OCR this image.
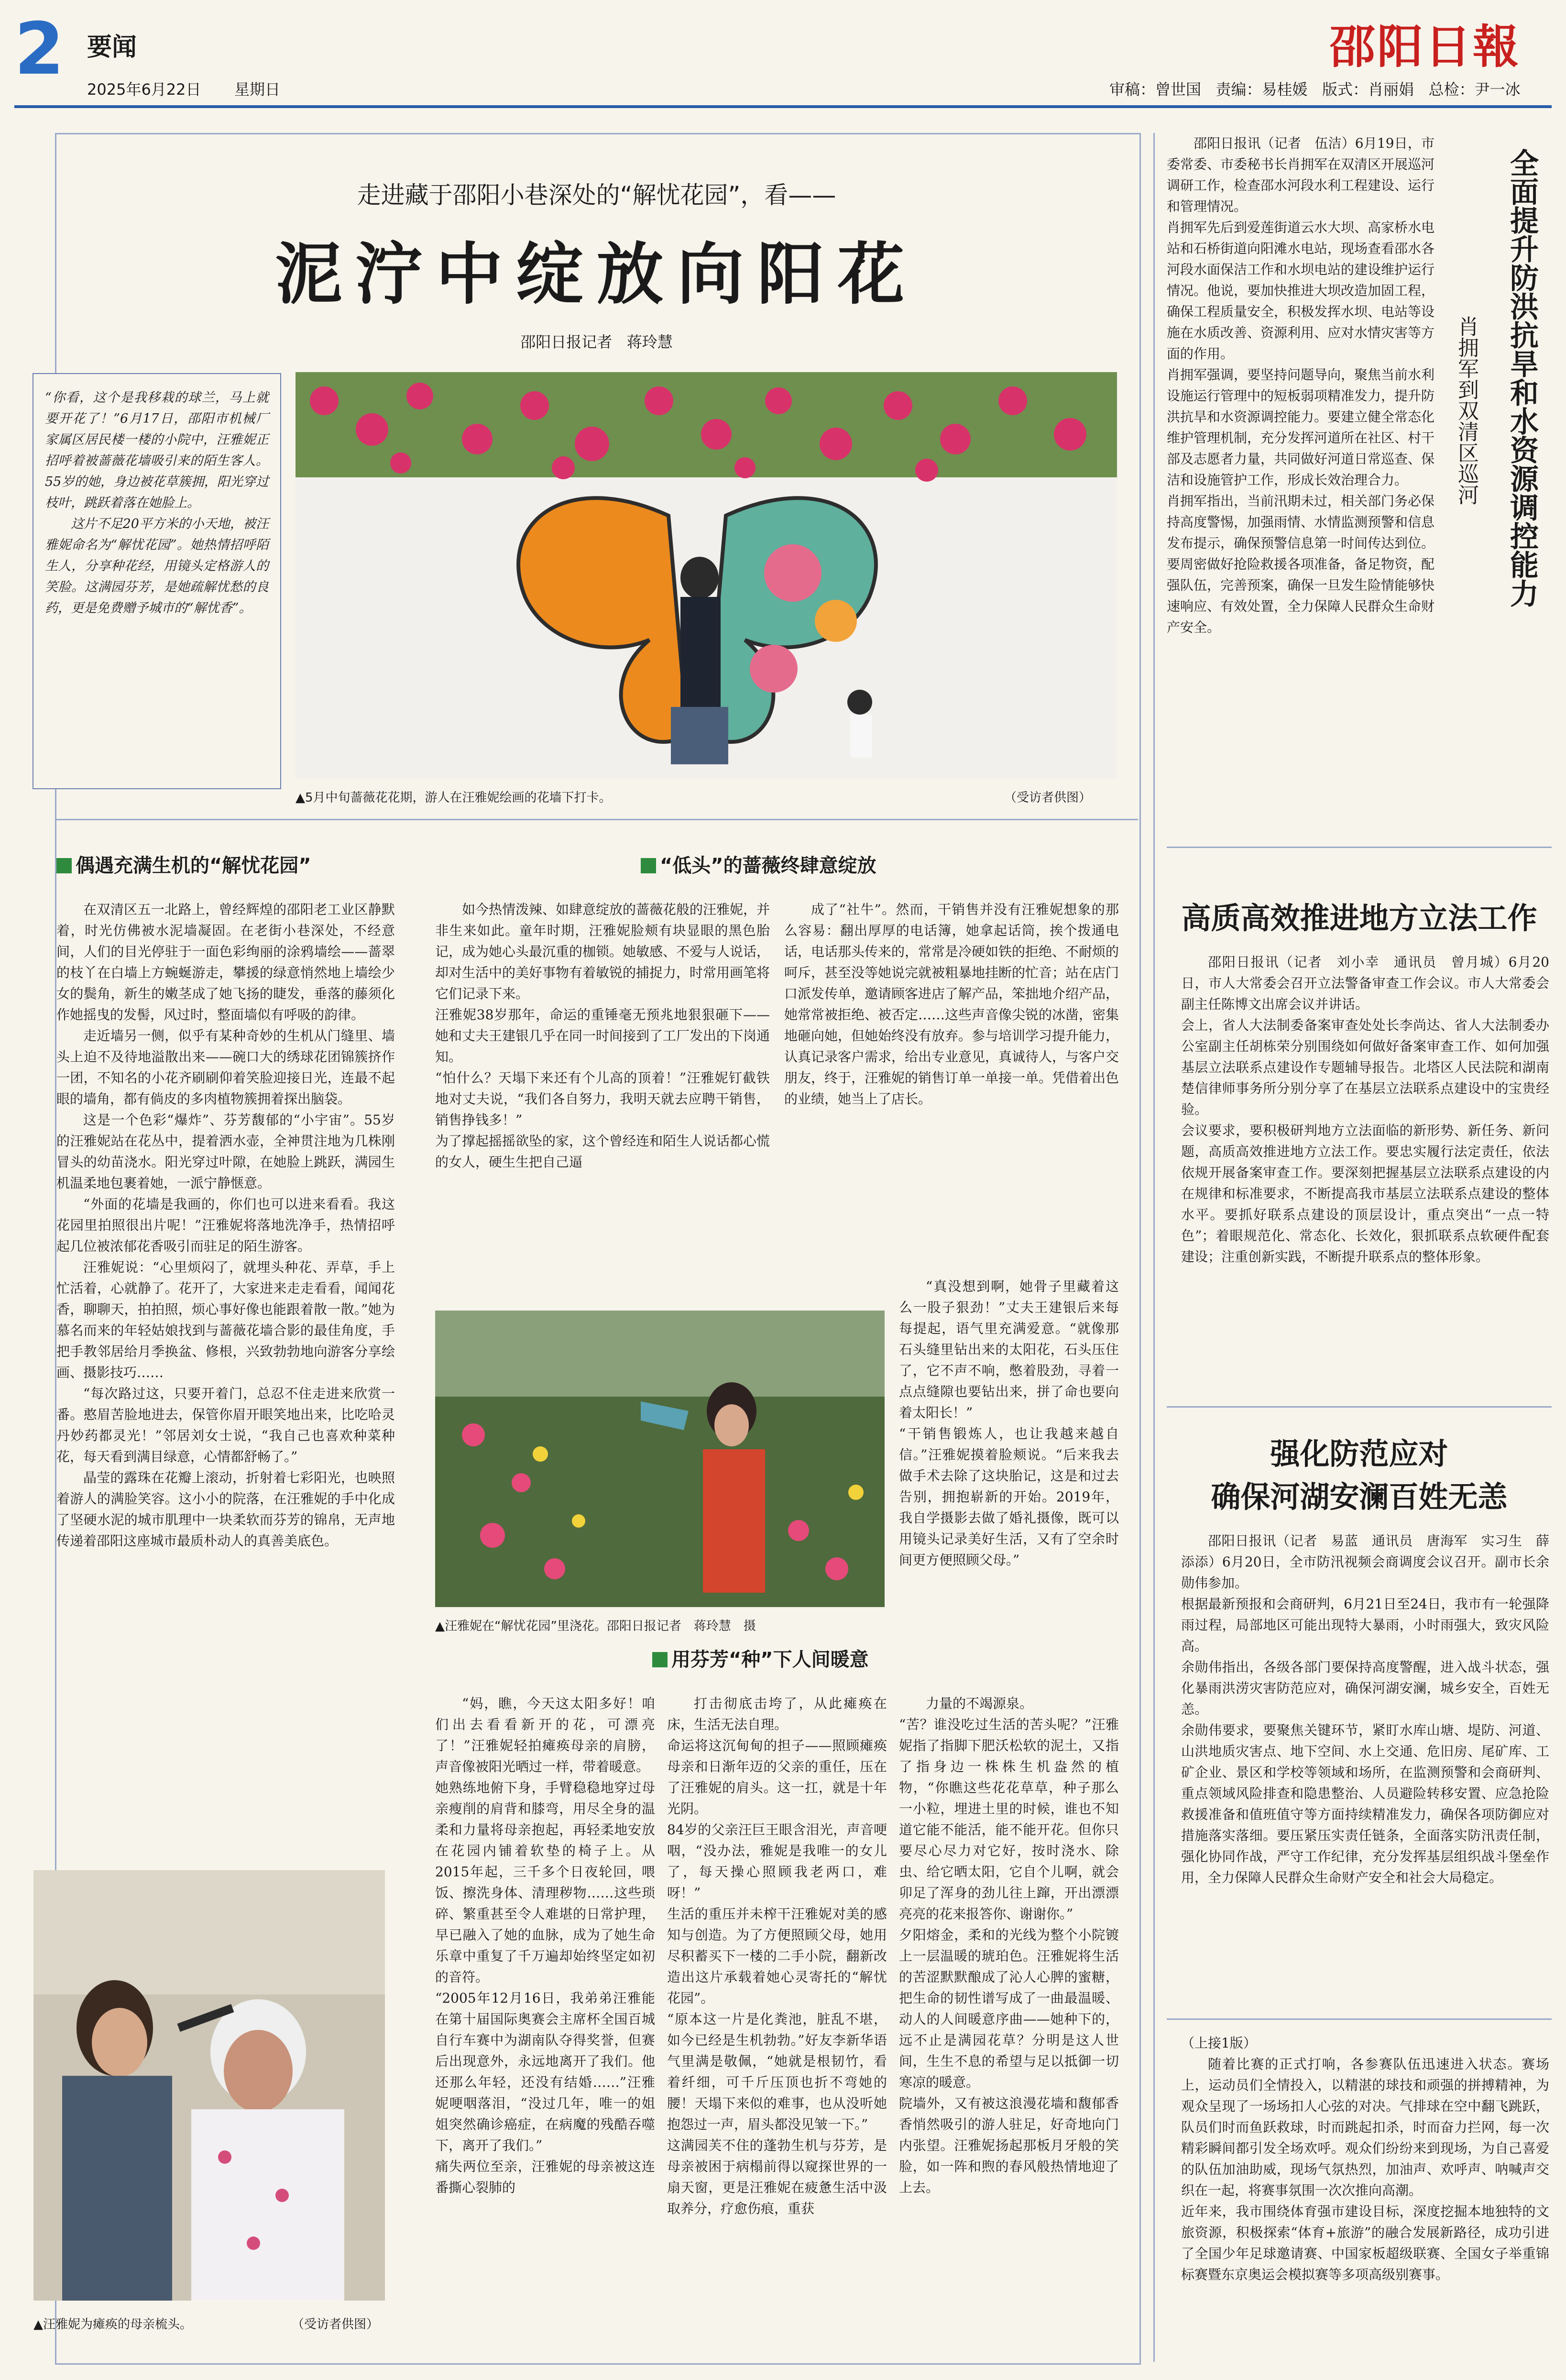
2 要闻	邵阳日報
2025年6月22日 星期日	审稿：曾世国   责编：易桂媛   版式：肖丽娟   总检：尹一冰
走进藏于邵阳小巷深处的“解忧花园”，看——
泥泞中绽放向阳花
邵阳日报记者   蒋玲慧
“你看，这个是我移栽的球兰，马上就要开花了！”6月17日，邵阳市机械厂家属区居民楼一楼的小院中，汪雅妮正招呼着被蔷薇花墙吸引来的陌生客人。55岁的她，身边被花草簇拥，阳光穿过枝叶，跳跃着落在她脸上。
　　这片不足20平方米的小天地，被汪雅妮命名为“解忧花园”。她热情招呼陌生人，分享种花经，用镜头定格游人的笑脸。这满园芬芳，是她疏解忧愁的良药，更是免费赠予城市的“解忧香”。
▲5月中旬蔷薇花花期，游人在汪雅妮绘画的花墙下打卡。	（受访者供图）
偶遇充满生机的“解忧花园”

在双清区五一北路上，曾经辉煌的邵阳老工业区静默着，时光仿佛被水泥墙凝固。在老街小巷深处，不经意间，人们的目光停驻于一面色彩绚丽的涂鸦墙绘——蔷翠的枝丫在白墙上方蜿蜒游走，攀援的绿意悄然地上墙绘少女的鬓角，新生的嫩茎成了她飞扬的睫发，垂落的藤须化作她摇曳的发髻，风过时，整面墙似有呼吸的韵律。

走近墙另一侧，似乎有某种奇妙的生机从门缝里、墙头上迫不及待地溢散出来——碗口大的绣球花团锦簇挤作一团，不知名的小花齐刷刷仰着笑脸迎接日光，连最不起眼的墙角，都有倘皮的多肉植物簇拥着探出脑袋。

这是一个色彩“爆炸”、芬芳馥郁的“小宇宙”。55岁的汪雅妮站在花丛中，提着洒水壶，全神贯注地为几株刚冒头的幼苗浇水。阳光穿过叶隙，在她脸上跳跃，满园生机温柔地包裹着她，一派宁静惬意。

“外面的花墙是我画的，你们也可以进来看看。我这花园里拍照很出片呢！”汪雅妮将落地洗净手，热情招呼起几位被浓郁花香吸引而驻足的陌生游客。

汪雅妮说：“心里烦闷了，就埋头种花、弄草，手上忙活着，心就静了。花开了，大家进来走走看看，闻闻花香，聊聊天，拍拍照，烦心事好像也能跟着散一散。”她为慕名而来的年轻姑娘找到与蔷薇花墙合影的最佳角度，手把手教邻居给月季换盆、修根，兴致勃勃地向游客分享绘画、摄影技巧……

“每次路过这，只要开着门，总忍不住走进来欣赏一番。憨眉苦脸地进去，保管你眉开眼笑地出来，比吃哈灵丹妙药都灵光！”邻居刘女士说，“我自己也喜欢种菜种花，每天看到满目绿意，心情都舒畅了。”

晶莹的露珠在花瓣上滚动，折射着七彩阳光，也映照着游人的满脸笑容。这小小的院落，在汪雅妮的手中化成了坚硬水泥的城市肌理中一块柔软而芬芳的锦帛，无声地传递着邵阳这座城市最质朴动人的真善美底色。

▲汪雅妮为瘫痪的母亲梳头。	（受访者供图）
“低头”的蔷薇终肆意绽放
如今热情泼辣、如肆意绽放的蔷薇花般的汪雅妮，并非生来如此。童年时期，汪雅妮脸颊有块显眼的黑色胎记，成为她心头最沉重的枷锁。她敏感、不爱与人说话，却对生活中的美好事物有着敏锐的捕捉力，时常用画笔将它们记录下来。
汪雅妮38岁那年，命运的重锤毫无预兆地狠狠砸下——她和丈夫王建银几乎在同一时间接到了工厂发出的下岗通知。
“怕什么？天塌下来还有个儿高的顶着！”汪雅妮钉截铁地对丈夫说，“我们各自努力，我明天就去应聘干销售，销售挣钱多！”
为了撑起摇摇欲坠的家，这个曾经连和陌生人说话都心慌的女人，硬生生把自己逼
成了“社牛”。然而，干销售并没有汪雅妮想象的那么容易：翻出厚厚的电话簿，她拿起话筒，挨个拨通电话，电话那头传来的，常常是冷硬如铁的拒绝、不耐烦的呵斥，甚至没等她说完就被粗暴地挂断的忙音；站在店门口派发传单，邀请顾客进店了解产品，笨拙地介绍产品，她常常被拒绝、被否定……这些声音像尖锐的冰凿，密集地砸向她，但她始终没有放弃。参与培训学习提升能力，认真记录客户需求，给出专业意见，真诚待人，与客户交朋友，终于，汪雅妮的销售订单一单接一单。凭借着出色的业绩，她当上了店长。
“真没想到啊，她骨子里藏着这么一股子狠劲！”丈夫王建银后来每每提起，语气里充满爱意。“就像那石头缝里钻出来的太阳花，石头压住了，它不声不响，憋着股劲，寻着一点点缝隙也要钻出来，拼了命也要向着太阳长！”
“干销售锻炼人，也让我越来越自信。”汪雅妮摸着脸颊说。“后来我去做手术去除了这块胎记，这是和过去告别，拥抱崭新的开始。2019年，我自学摄影去做了婚礼摄像，既可以用镜头记录美好生活，又有了空余时间更方便照顾父母。”
▲汪雅妮在“解忧花园”里浇花。邵阳日报记者　蒋玲慧　摄
用芬芳“种”下人间暖意
“妈，瞧，今天这太阳多好！咱们出去看看新开的花，可漂亮了！”汪雅妮轻拍瘫痪母亲的肩膀，声音像被阳光晒过一样，带着暖意。
她熟练地俯下身，手臂稳稳地穿过母亲瘦削的肩背和膝弯，用尽全身的温柔和力量将母亲抱起，再轻柔地安放在花园内铺着软垫的椅子上。从2015年起，三千多个日夜轮回，喂饭、擦洗身体、清理秽物……这些琐碎、繁重甚至令人难堪的日常护理，早已融入了她的血脉，成为了她生命乐章中重复了千万遍却始终坚定如初的音符。
“2005年12月16日，我弟弟汪雅能在第十届国际奥赛会主席杯全国百城自行车赛中为湖南队夺得奖誉，但赛后出现意外，永远地离开了我们。他还那么年轻，还没有结婚……”汪雅妮哽咽落泪，“没过几年，唯一的姐姐突然确诊癌症，在病魔的残酷吞噬下，离开了我们。”
痛失两位至亲，汪雅妮的母亲被这连番撕心裂肺的
打击彻底击垮了，从此瘫痪在床，生活无法自理。
命运将这沉甸甸的担子——照顾瘫痪母亲和日渐年迈的父亲的重任，压在了汪雅妮的肩头。这一扛，就是十年光阴。
84岁的父亲汪巨王眼含泪光，声音哽咽，“没办法，雅妮是我唯一的女儿了，每天操心照顾我老两口，难呀！”
生活的重压并未榨干汪雅妮对美的感知与创造。为了方便照顾父母，她用尽积蓄买下一楼的二手小院，翻新改造出这片承载着她心灵寄托的“解忧花园”。
“原本这一片是化粪池，脏乱不堪，如今已经是生机勃勃。”好友李新华语气里满是敬佩，“她就是根韧竹，看着纤细，可千斤压顶也折不弯她的腰！天塌下来似的难事，也从没听她抱怨过一声，眉头都没见皱一下。”
这满园芙不住的蓬勃生机与芬芳，是母亲被困于病榻前得以窥探世界的一扇天窗，更是汪雅妮在疲惫生活中汲取养分，疗愈伤痕，重获
力量的不竭源泉。
“苦？谁没吃过生活的苦头呢？”汪雅妮指了指脚下肥沃松软的泥土，又指了指身边一株株生机盎然的植物，“你瞧这些花花草草，种子那么一小粒，埋进土里的时候，谁也不知道它能不能活，能不能开花。但你只要尽心尽力对它好，按时浇水、除虫、给它晒太阳，它自个儿啊，就会卯足了浑身的劲儿往上蹿，开出漂漂亮亮的花来报答你、谢谢你。”
夕阳熔金，柔和的光线为整个小院镀上一层温暖的琥珀色。汪雅妮将生活的苦涩默默酿成了沁人心脾的蜜糖，把生命的韧性谱写成了一曲最温暖、动人的人间暖意序曲——她种下的，远不止是满园花草？分明是这人世间，生生不息的希望与足以抵御一切寒凉的暖意。
院墙外，又有被这浪漫花墙和馥郁香香悄然吸引的游人驻足，好奇地向门内张望。汪雅妮扬起那板月牙般的笑脸，如一阵和煦的春风般热情地迎了上去。
邵阳日报讯（记者　伍洁）6月19日，市委常委、市委秘书长肖拥军在双清区开展巡河调研工作，检查邵水河段水利工程建设、运行和管理情况。
肖拥军先后到爱莲街道云水大坝、高家桥水电站和石桥街道向阳滩水电站，现场查看邵水各河段水面保洁工作和水坝电站的建设维护运行情况。他说，要加快推进大坝改造加固工程，确保工程质量安全，积极发挥水坝、电站等设施在水质改善、资源利用、应对水情灾害等方面的作用。
肖拥军强调，要坚持问题导向，聚焦当前水利设施运行管理中的短板弱项精准发力，提升防洪抗旱和水资源调控能力。要建立健全常态化维护管理机制，充分发挥河道所在社区、村干部及志愿者力量，共同做好河道日常巡查、保洁和设施管护工作，形成长效治理合力。
肖拥军指出，当前汛期未过，相关部门务必保持高度警惕，加强雨情、水情监测预警和信息发布提示，确保预警信息第一时间传达到位。要周密做好抢险救援各项准备，备足物资，配强队伍，完善预案，确保一旦发生险情能够快速响应、有效处置，全力保障人民群众生命财产安全。
全面提升防洪抗旱和水资源调控能力
肖拥军到双清区巡河
高质高效推进地方立法工作
邵阳日报讯（记者　刘小幸　通讯员　曾月城）6月20日，市人大常委会召开立法警备审查工作会议。市人大常委会副主任陈博文出席会议并讲话。
会上，省人大法制委备案审查处处长李尚达、省人大法制委办公室副主任胡栋荣分别围绕如何做好备案审查工作、如何加强基层立法联系点建设作专题辅导报告。北塔区人民法院和湖南楚信律师事务所分别分享了在基层立法联系点建设中的宝贵经验。
会议要求，要积极研判地方立法面临的新形势、新任务、新问题，高质高效推进地方立法工作。要忠实履行法定责任，依法依规开展备案审查工作。要深刻把握基层立法联系点建设的内在规律和标准要求，不断提高我市基层立法联系点建设的整体水平。要抓好联系点建设的顶层设计，重点突出“一点一特色”；着眼规范化、常态化、长效化，狠抓联系点软硬件配套建设；注重创新实践，不断提升联系点的整体形象。
强化防范应对
确保河湖安澜百姓无恙
邵阳日报讯（记者　易蓝　通讯员　唐海军　实习生　薛添添）6月20日，全市防汛视频会商调度会议召开。副市长余勋伟参加。
根据最新预报和会商研判，6月21日至24日，我市有一轮强降雨过程，局部地区可能出现特大暴雨，小时雨强大，致灾风险高。
余勋伟指出，各级各部门要保持高度警醒，进入战斗状态，强化暴雨洪涝灾害防范应对，确保河湖安澜，城乡安全，百姓无恙。
余勋伟要求，要聚焦关键环节，紧盯水库山塘、堤防、河道、山洪地质灾害点、地下空间、水上交通、危旧房、尾矿库、工矿企业、景区和学校等领域和场所，在监测预警和会商研判、重点领域风险排查和隐患整治、人员避险转移安置、应急抢险救援准备和值班值守等方面持续精准发力，确保各项防御应对措施落实落细。要压紧压实责任链条，全面落实防汛责任制，强化协同作战，严守工作纪律，充分发挥基层组织战斗堡垒作用，全力保障人民群众生命财产安全和社会大局稳定。
（上接1版）
随着比赛的正式打响，各参赛队伍迅速进入状态。赛场上，运动员们全情投入，以精湛的球技和顽强的拼搏精神，为观众呈现了一场场扣人心弦的对决。气排球在空中翻飞跳跃，队员们时而鱼跃救球，时而跳起扣杀，时而奋力拦网，每一次精彩瞬间都引发全场欢呼。观众们纷纷来到现场，为自己喜爱的队伍加油助威，现场气氛热烈，加油声、欢呼声、呐喊声交织在一起，将赛事氛围一次次推向高潮。
近年来，我市围绕体育强市建设目标，深度挖掘本地独特的文旅资源，积极探索“体育+旅游”的融合发展新路径，成功引进了全国少年足球邀请赛、中国家板超级联赛、全国女子举重锦标赛暨东京奥运会模拟赛等多项高级别赛事。
